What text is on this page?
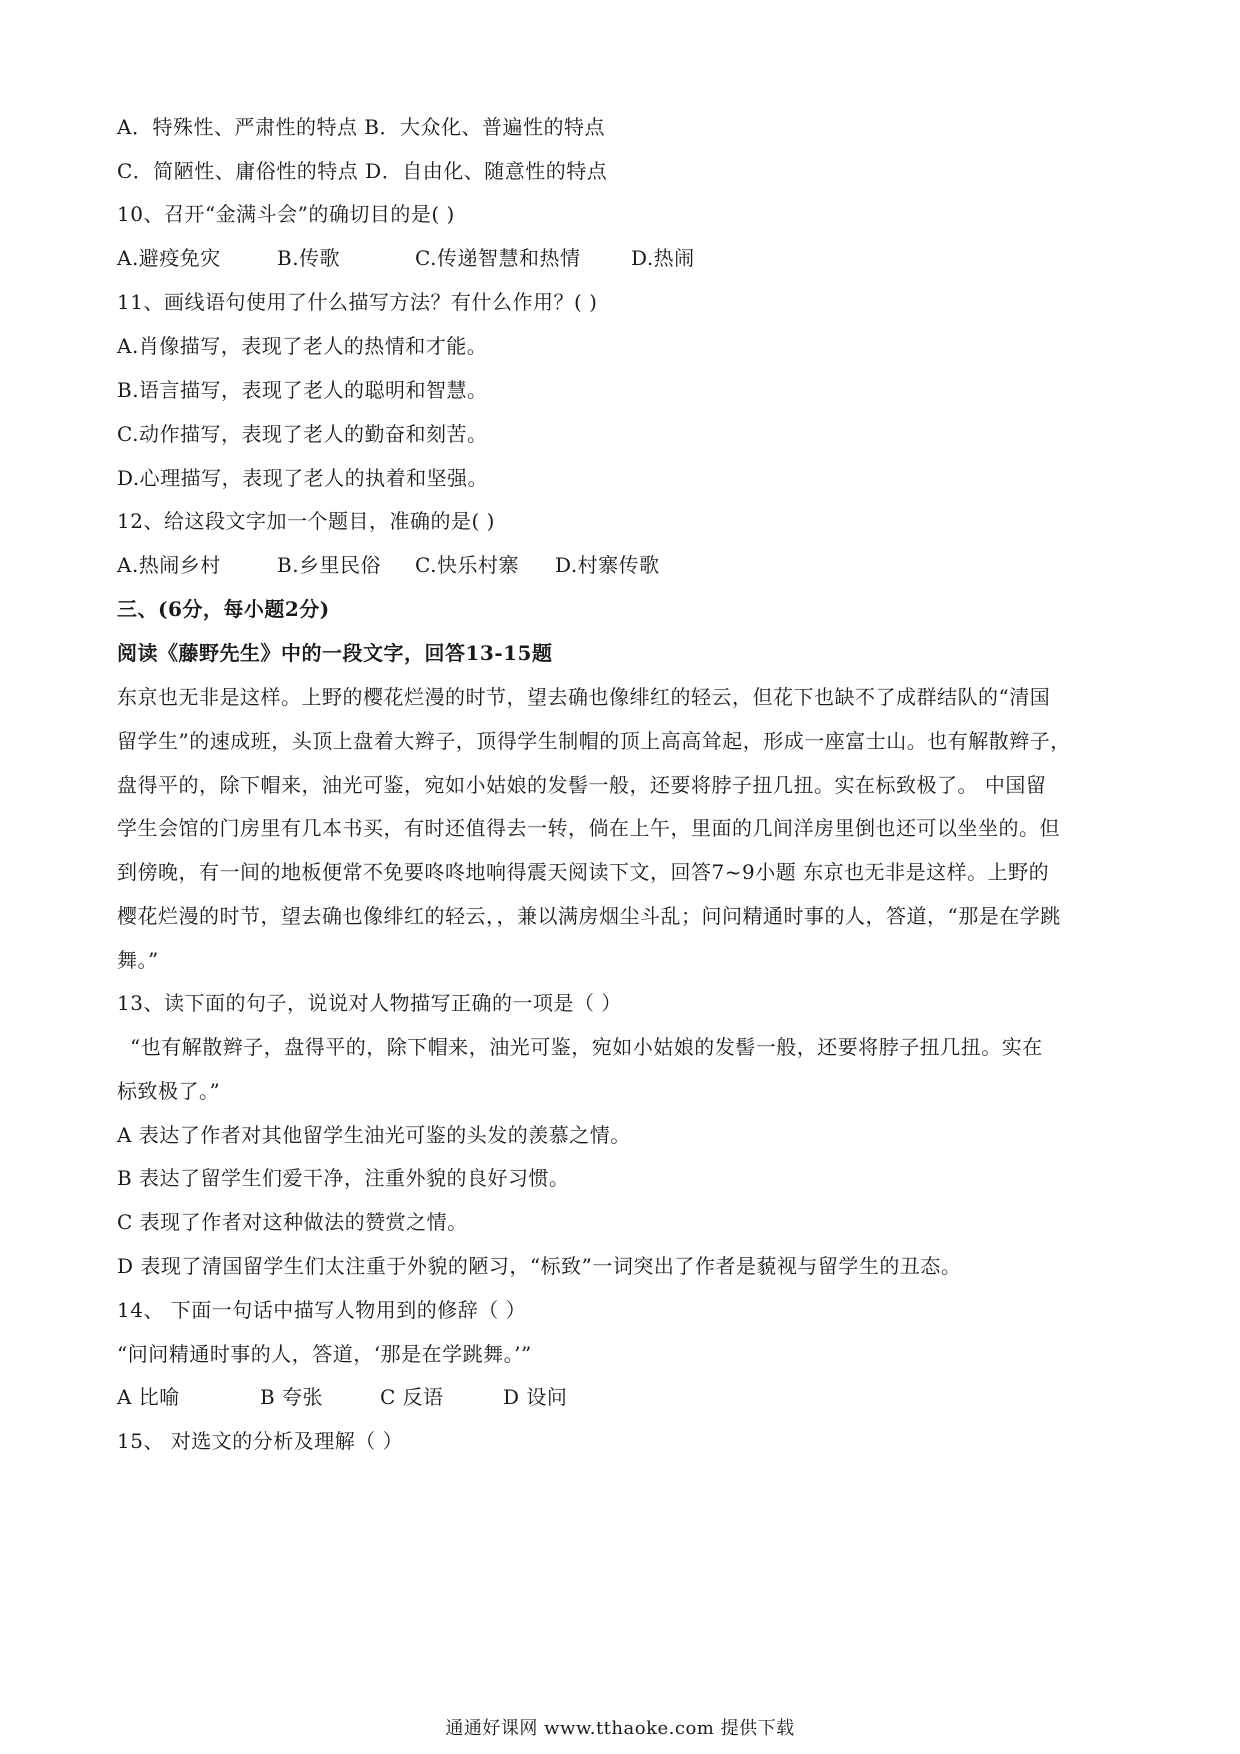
A．特殊性、严肃性的特点 B．大众化、普遍性的特点
C．简陋性、庸俗性的特点 D．自由化、随意性的特点
10、召开“金满斗会”的确切目的是( )
A.避疫免灾	B.传歌	C.传递智慧和热情	D.热闹
11、画线语句使用了什么描写方法？有什么作用？( )
A.肖像描写，表现了老人的热情和才能。
B.语言描写，表现了老人的聪明和智慧。
C.动作描写，表现了老人的勤奋和刻苦。
D.心理描写，表现了老人的执着和坚强。
12、给这段文字加一个题目，准确的是( )
A.热闹乡村	B.乡里民俗 C.快乐村寨 D.村寨传歌
三、(6分，每小题2分)
阅读《藤野先生》中的一段文字，回答13-15题
东京也无非是这样。上野的樱花烂漫的时节，望去确也像绯红的轻云，但花下也缺不了成群结队的“清国
留学生”的速成班，头顶上盘着大辫子，顶得学生制帽的顶上高高耸起，形成一座富士山。也有解散辫子，
盘得平的，除下帽来，油光可鉴，宛如小姑娘的发髻一般，还要将脖子扭几扭。实在标致极了。 中国留
学生会馆的门房里有几本书买，有时还值得去一转，倘在上午，里面的几间洋房里倒也还可以坐坐的。但
到傍晚，有一间的地板便常不免要咚咚地响得震天阅读下文，回答7~9小题 东京也无非是这样。上野的
樱花烂漫的时节，望去确也像绯红的轻云，，兼以满房烟尘斗乱；问问精通时事的人，答道，“那是在学跳
舞。”
13、读下面的句子，说说对人物描写正确的一项是（ ）
“也有解散辫子，盘得平的，除下帽来，油光可鉴，宛如小姑娘的发髻一般，还要将脖子扭几扭。实在
标致极了。”
A 表达了作者对其他留学生油光可鉴的头发的羡慕之情。
B 表达了留学生们爱干净，注重外貌的良好习惯。
C 表现了作者对这种做法的赞赏之情。
D 表现了清国留学生们太注重于外貌的陋习，“标致”一词突出了作者是藐视与留学生的丑态。
14、 下面一句话中描写人物用到的修辞（ ）
“问问精通时事的人，答道，‘那是在学跳舞。’”
A 比喻	B 夸张	C 反语	D 设问
15、 对选文的分析及理解（ ）
通通好课网 www.tthaoke.com 提供下载
